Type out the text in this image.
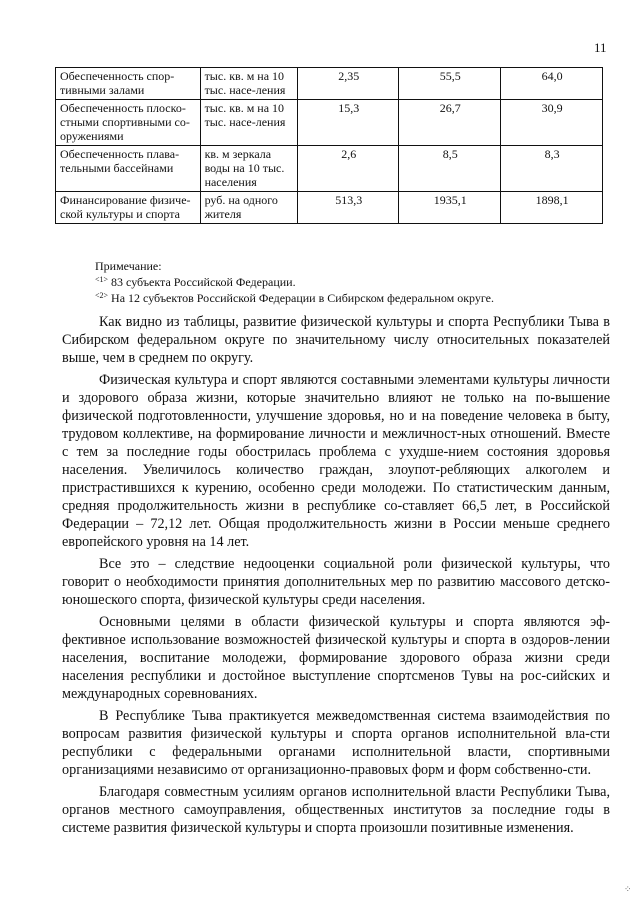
11
Обеспеченность спор-тивными залами	тыс. кв. м на 10 тыс. насе-ления	2,35	55,5	64,0
Обеспеченность плоско-стными спортивными со-оружениями	тыс. кв. м на 10 тыс. насе-ления	15,3	26,7	30,9
Обеспеченность плава-тельными бассейнами	кв. м зеркала воды на 10 тыс. населения	2,6	8,5	8,3
Финансирование физиче-ской культуры и спорта	руб. на одного жителя	513,3	1935,1	1898,1
Примечание:
$^{<1>}$ 83 субъекта Российской Федерации.
$^{<2>}$ На 12 субъектов Российской Федерации в Сибирском федеральном округе.

Как видно из таблицы, развитие физической культуры и спорта Республики Тыва в Сибирском федеральном округе по значительному числу относительных показателей выше, чем в среднем по округу.

Физическая культура и спорт являются составными элементами культуры личности и здорового образа жизни, которые значительно влияют не только на по-вышение физической подготовленности, улучшение здоровья, но и на поведение человека в быту, трудовом коллективе, на формирование личности и межличност-ных отношений. Вместе с тем за последние годы обострилась проблема с ухудше-нием состояния здоровья населения. Увеличилось количество граждан, злоупот-ребляющих алкоголем и пристрастившихся к курению, особенно среди молодежи. По статистическим данным, средняя продолжительность жизни в республике со-ставляет 66,5 лет, в Российской Федерации – 72,12 лет. Общая продолжительность жизни в России меньше среднего европейского уровня на 14 лет.

Все это – следствие недооценки социальной роли физической культуры, что говорит о необходимости принятия дополнительных мер по развитию массового детско-юношеского спорта, физической культуры среди населения.

Основными целями в области физической культуры и спорта являются эф-фективное использование возможностей физической культуры и спорта в оздоров-лении населения, воспитание молодежи, формирование здорового образа жизни среди населения республики и достойное выступление спортсменов Тувы на рос-сийских и международных соревнованиях.

В Республике Тыва практикуется межведомственная система взаимодействия по вопросам развития физической культуры и спорта органов исполнительной вла-сти республики с федеральными органами исполнительной власти, спортивными организациями независимо от организационно-правовых форм и форм собственно-сти.

Благодаря совместным усилиям органов исполнительной власти Республики Тыва, органов местного самоуправления, общественных институтов за последние годы в системе развития физической культуры и спорта произошли позитивные изменения.

⁘
